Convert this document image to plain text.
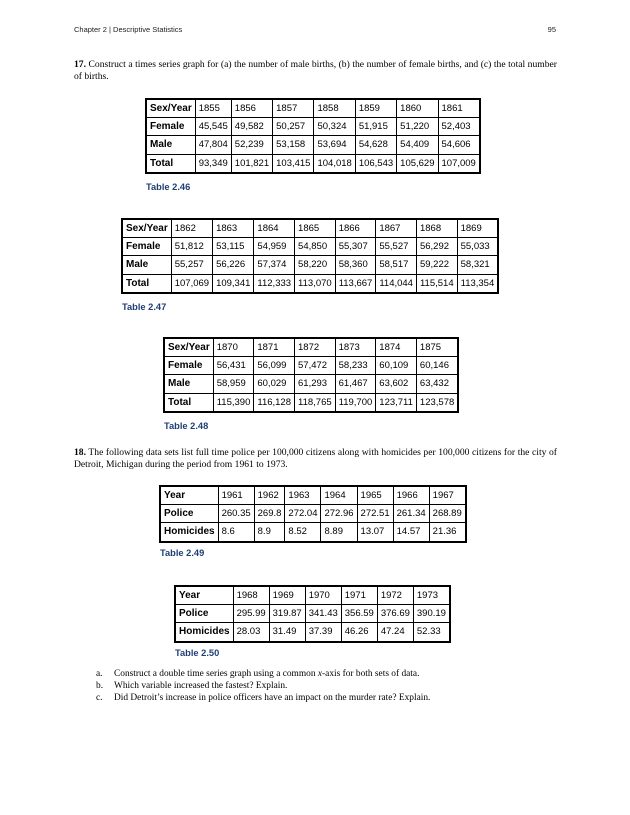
Chapter 2 | Descriptive Statistics	95
17. Construct a times series graph for (a) the number of male births, (b) the number of female births, and (c) the total number of births.
Sex/Year	1855	1856	1857	1858	1859	1860	1861
Female	45,545	49,582	50,257	50,324	51,915	51,220	52,403
Male	47,804	52,239	53,158	53,694	54,628	54,409	54,606
Total	93,349	101,821	103,415	104,018	106,543	105,629	107,009
Table 2.46
Sex/Year	1862	1863	1864	1865	1866	1867	1868	1869
Female	51,812	53,115	54,959	54,850	55,307	55,527	56,292	55,033
Male	55,257	56,226	57,374	58,220	58,360	58,517	59,222	58,321
Total	107,069	109,341	112,333	113,070	113,667	114,044	115,514	113,354
Table 2.47
Sex/Year	1870	1871	1872	1873	1874	1875
Female	56,431	56,099	57,472	58,233	60,109	60,146
Male	58,959	60,029	61,293	61,467	63,602	63,432
Total	115,390	116,128	118,765	119,700	123,711	123,578
Table 2.48
18. The following data sets list full time police per 100,000 citizens along with homicides per 100,000 citizens for the city of Detroit, Michigan during the period from 1961 to 1973.
Year	1961	1962	1963	1964	1965	1966	1967
Police	260.35	269.8	272.04	272.96	272.51	261.34	268.89
Homicides	8.6	8.9	8.52	8.89	13.07	14.57	21.36
Table 2.49
Year	1968	1969	1970	1971	1972	1973
Police	295.99	319.87	341.43	356.59	376.69	390.19
Homicides	28.03	31.49	37.39	46.26	47.24	52.33
Table 2.50
a. Construct a double time series graph using a common x-axis for both sets of data.
b. Which variable increased the fastest? Explain.
c. Did Detroit’s increase in police officers have an impact on the murder rate? Explain.
